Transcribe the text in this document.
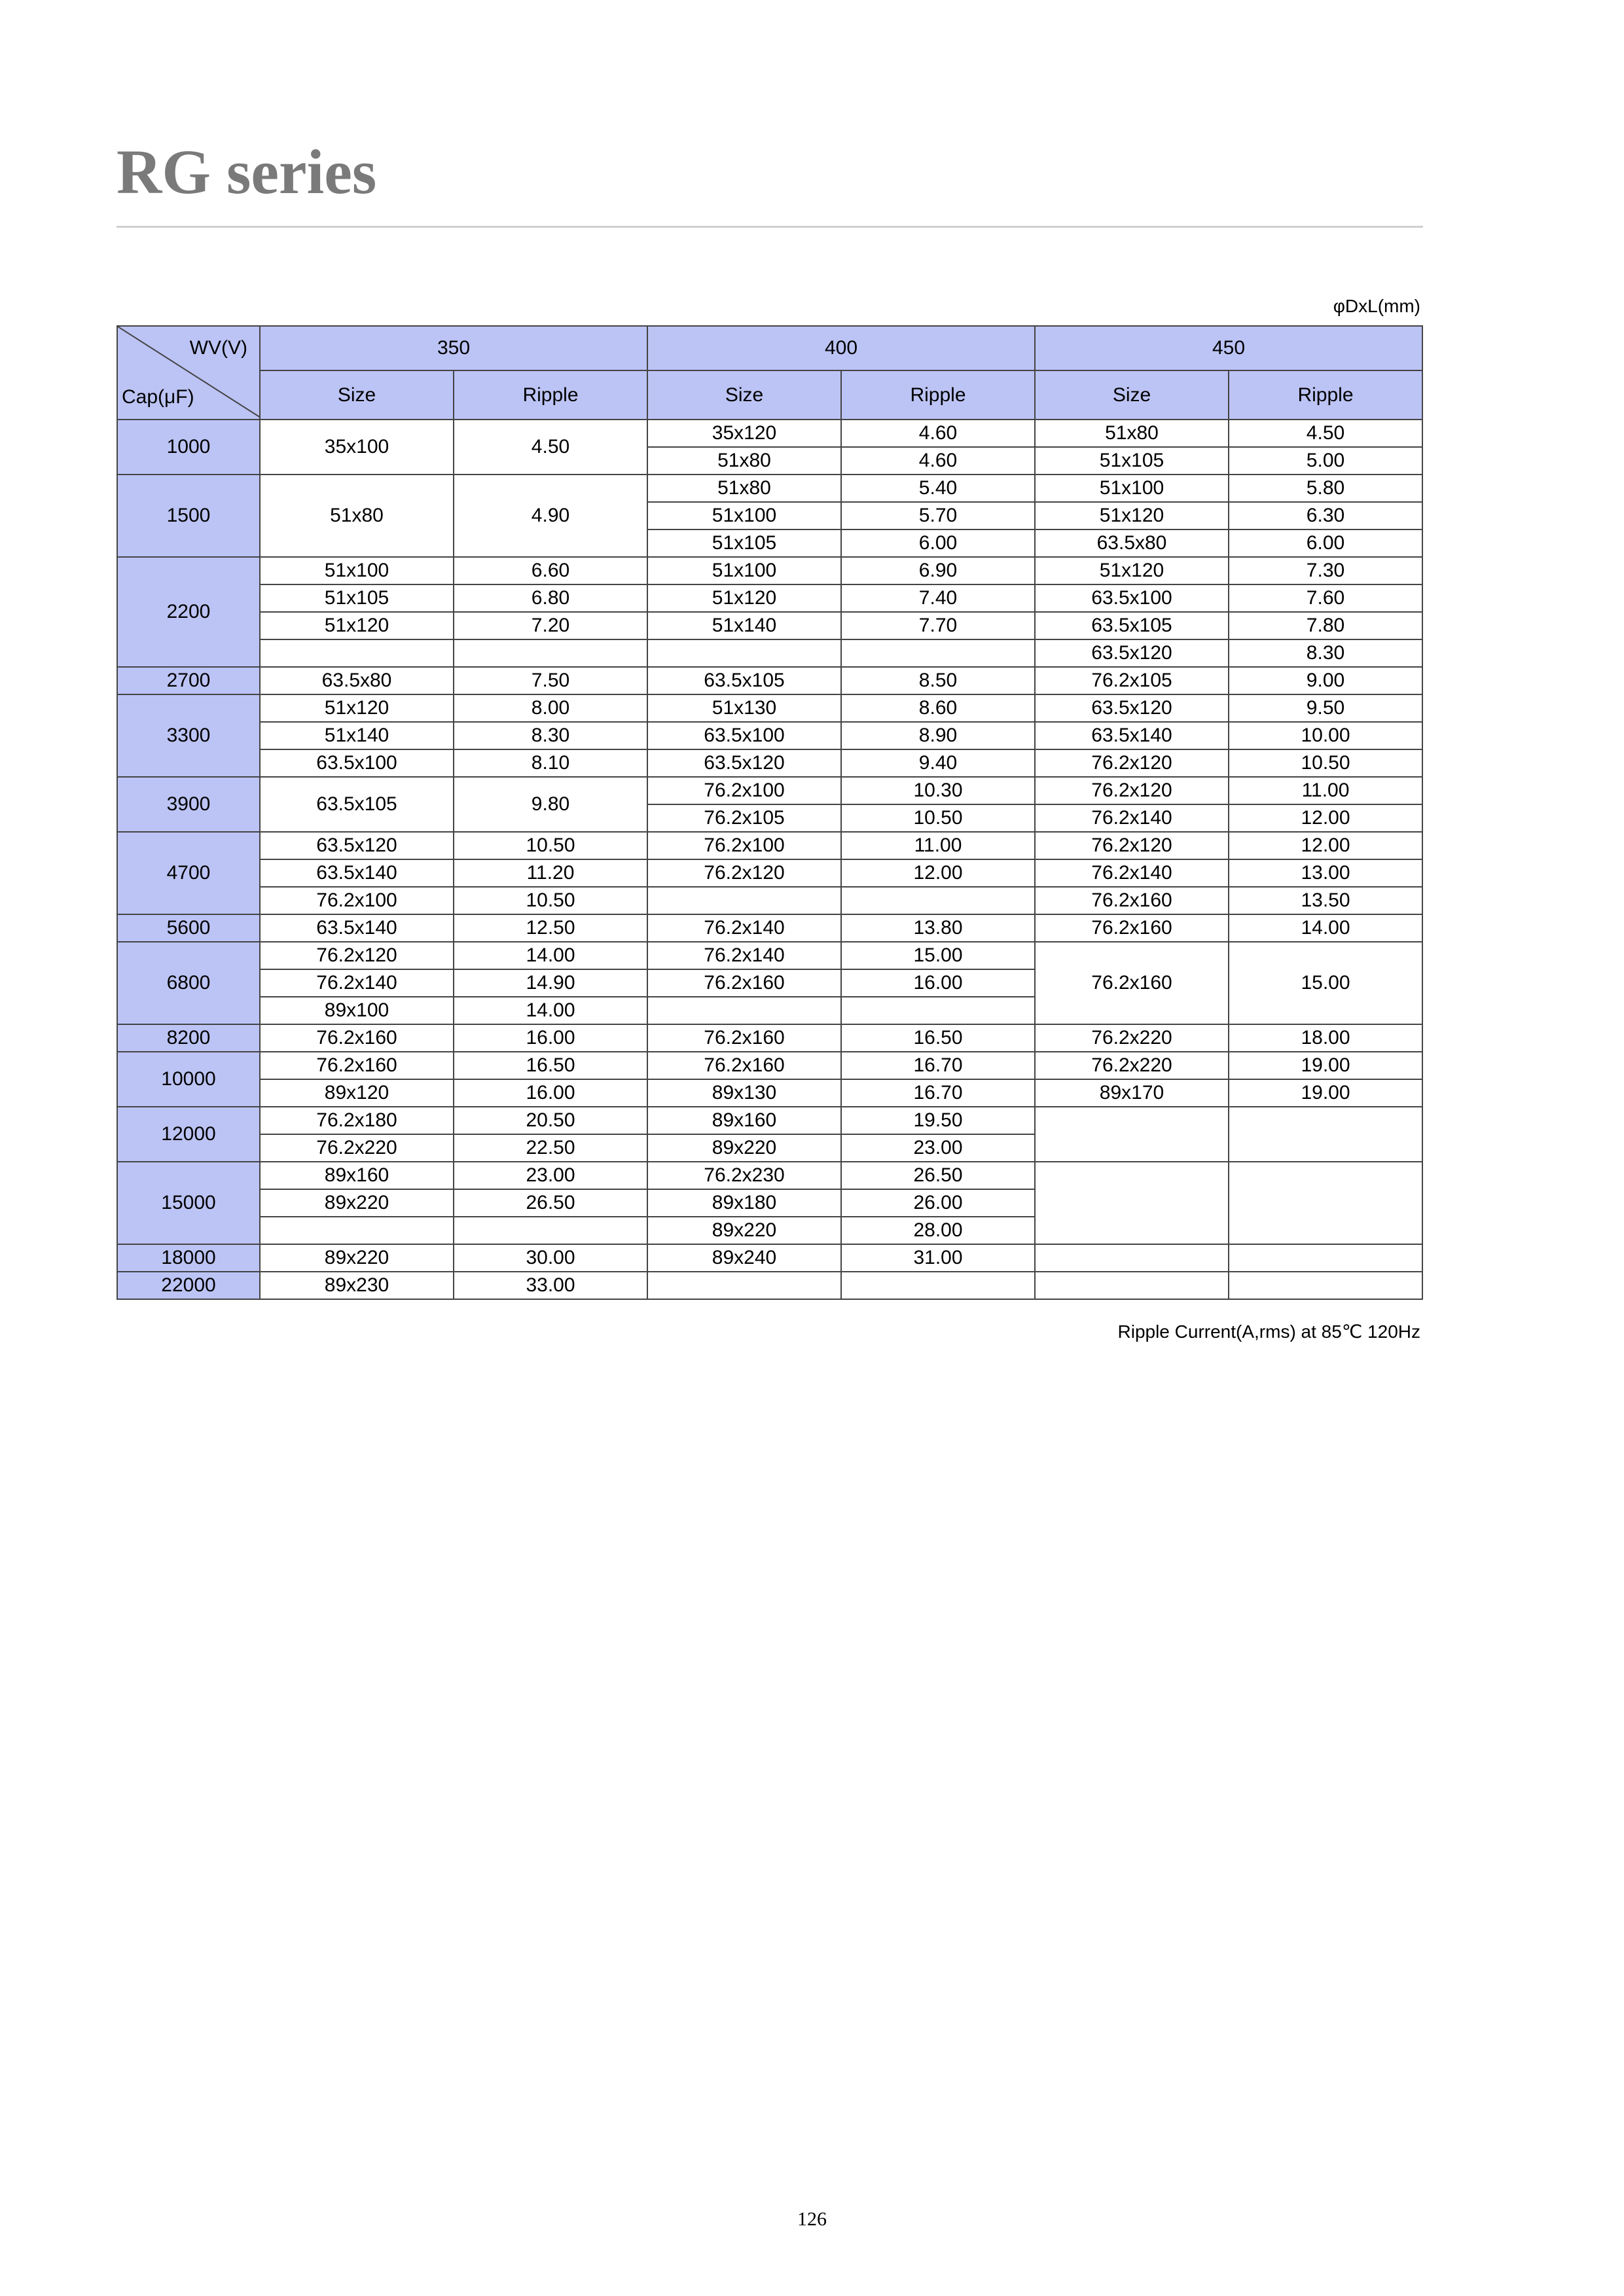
RG series
φDxL(mm)
WV(V)
Cap(μF)	350		400		450	
	Size	Ripple	Size	Ripple	Size	Ripple
1000	35x100	4.50	35x120	4.60	51x80	4.50
			51x80	4.60	51x105	5.00
1500	51x80	4.90	51x80	5.40	51x100	5.80
			51x100	5.70	51x120	6.30
			51x105	6.00	63.5x80	6.00
2200	51x100	6.60	51x100	6.90	51x120	7.30
	51x105	6.80	51x120	7.40	63.5x100	7.60
	51x120	7.20	51x140	7.70	63.5x105	7.80
					63.5x120	8.30
2700	63.5x80	7.50	63.5x105	8.50	76.2x105	9.00
3300	51x120	8.00	51x130	8.60	63.5x120	9.50
	51x140	8.30	63.5x100	8.90	63.5x140	10.00
	63.5x100	8.10	63.5x120	9.40	76.2x120	10.50
3900	63.5x105	9.80	76.2x100	10.30	76.2x120	11.00
			76.2x105	10.50	76.2x140	12.00
4700	63.5x120	10.50	76.2x100	11.00	76.2x120	12.00
	63.5x140	11.20	76.2x120	12.00	76.2x140	13.00
	76.2x100	10.50			76.2x160	13.50
5600	63.5x140	12.50	76.2x140	13.80	76.2x160	14.00
6800	76.2x120	14.00	76.2x140	15.00	76.2x160	15.00
	76.2x140	14.90	76.2x160	16.00		
	89x100	14.00				
8200	76.2x160	16.00	76.2x160	16.50	76.2x220	18.00
10000	76.2x160	16.50	76.2x160	16.70	76.2x220	19.00
	89x120	16.00	89x130	16.70	89x170	19.00
12000	76.2x180	20.50	89x160	19.50		
	76.2x220	22.50	89x220	23.00		
15000	89x160	23.00	76.2x230	26.50		
	89x220	26.50	89x180	26.00		
			89x220	28.00		
18000	89x220	30.00	89x240	31.00		
22000	89x230	33.00				
Ripple Current(A,rms) at 85℃ 120Hz
126
